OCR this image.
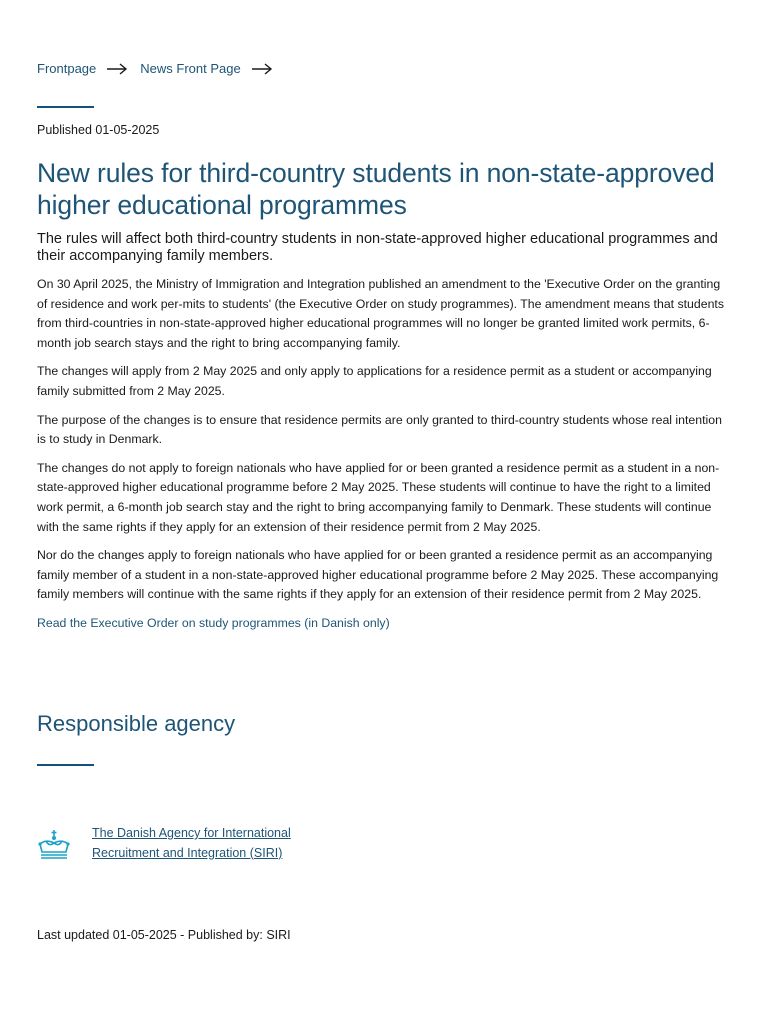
Frontpage	News Front Page
Published 01-05-2025
New rules for third-country students in non-state-approved higher educational programmes

The rules will affect both third-country students in non-state-approved higher educational programmes and their accompanying family members.

On 30 April 2025, the Ministry of Immigration and Integration published an amendment to the 'Executive Order on the granting of residence and work per-mits to students' (the Executive Order on study programmes). The amendment means that students from third-countries in non-state-approved higher educational programmes will no longer be granted limited work permits, 6-month job search stays and the right to bring accompanying family.

The changes will apply from 2 May 2025 and only apply to applications for a residence permit as a student or accompanying family submitted from 2 May 2025.

The purpose of the changes is to ensure that residence permits are only granted to third-country students whose real intention is to study in Denmark.

The changes do not apply to foreign nationals who have applied for or been granted a residence permit as a student in a non-state-approved higher educational programme before 2 May 2025. These students will continue to have the right to a limited work permit, a 6-month job search stay and the right to bring accompanying family to Denmark. These students will continue with the same rights if they apply for an extension of their residence permit from 2 May 2025.

Nor do the changes apply to foreign nationals who have applied for or been granted a residence permit as an accompanying family member of a student in a non-state-approved higher educational programme before 2 May 2025. These accompanying family members will continue with the same rights if they apply for an extension of their residence permit from 2 May 2025.

Read the Executive Order on study programmes (in Danish only)
Responsible agency
The Danish Agency for International Recruitment and Integration (SIRI)
Last updated 01-05-2025 - Published by: SIRI
